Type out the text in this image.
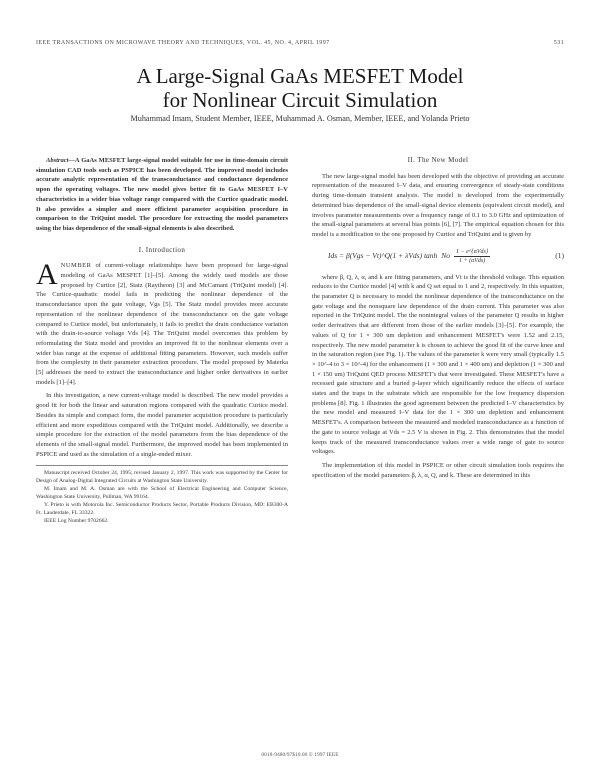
IEEE TRANSACTIONS ON MICROWAVE THEORY AND TECHNIQUES, VOL. 45, NO. 4, APRIL 1997	531
A Large-Signal GaAs MESFET Model
for Nonlinear Circuit Simulation
Muhammad Imam, Student Member, IEEE, Muhammad A. Osman, Member, IEEE, and Yolanda Prieto

Abstract—A GaAs MESFET large-signal model suitable for use in time-domain circuit simulation CAD tools such as PSPICE has been developed. The improved model includes accurate analytic representation of the transconductance and conductance dependence upon the operating voltages. The new model gives better fit to GaAs MESFET I–V characteristics in a wider bias voltage range compared with the Curtice quadratic model. It also provides a simpler and more efficient parameter acquisition procedure in comparison to the TriQuint model. The procedure for extracting the model parameters using the bias dependence of the small-signal elements is also described.

I. Introduction

ANUMBER of current-voltage relationships have been proposed for large-signal modeling of GaAs MESFET [1]–[5]. Among the widely used models are those proposed by Curtice [2], Statz (Raytheon) [3] and McCamant (TriQuint model) [4]. The Curtice-quadratic model fails in predicting the nonlinear dependence of the transconductance upon the gate voltage, Vgs [5]. The Statz model provides more accurate representation of the nonlinear dependence of the transconductance on the gate voltage compared to Curtice model, but unfortunately, it fails to predict the drain conductance variation with the drain-to-source voltage Vds [4]. The TriQuint model overcomes this problem by reformulating the Statz model and provides an improved fit to the nonlinear elements over a wider bias range at the expense of additional fitting parameters. However, such models suffer from the complexity in their parameter extraction procedure. The model proposed by Materka [5] addresses the need to extract the transconductance and higher order derivatives in earlier models [1]–[4].

In this investigation, a new current-voltage model is described. The new model provides a good fit for both the linear and saturation regions compared with the quadratic Curtice model. Besides its simple and compact form, the model parameter acquisition procedure is particularly efficient and more expeditious compared with the TriQuint model. Additionally, we describe a simple procedure for the extraction of the model parameters from the bias dependence of the elements of the small-signal model. Furthermore, the improved model has been implemented in PSPICE and used as the simulation of a single-ended mixer.

Manuscript received October 24, 1995; revised January 2, 1997. This work was supported by the Center for Design of Analog-Digital Integrated Circuits at Washington State University.

M. Imam and M. A. Osman are with the School of Electrical Engineering and Computer Science, Washington State University, Pullman, WA 99164.

Y. Prieto is with Motorola Inc. Semiconductor Products Sector, Portable Products Division, MD: EB300-A Ft. Lauderdale, FL 33322.

IEEE Log Number 9702662.

II. The New Model

The new large-signal model has been developed with the objective of providing an accurate representation of the measured I–V data, and ensuring convergence of steady-state conditions during time-domain transient analysis. The model is developed from the experimentally determined bias dependence of the small-signal device elements (equivalent circuit model), and involves parameter measurements over a frequency range of 0.1 to 3.0 GHz and optimization of the small-signal parameters at several bias points [6], [7]. The empirical equation chosen for this model is a modification to the one proposed by Curtice and TriQuint and is given by

Ids = β(Vgs − Vt)^Q(1 + λVds) tanh No $\frac{\text{1 − e\textasciicircum{}\{αVds\}}}{\text{1 + (αVds)}}$	(1)

where β, Q, λ, α, and k are fitting parameters, and Vt is the threshold voltage. This equation reduces to the Curtice model [4] with k and Q set equal to 1 and 2, respectively. In this equation, the parameter Q is necessary to model the nonlinear dependence of the transconductance on the gate voltage and the nonsquare law dependence of the drain current. This parameter was also reported in the TriQuint model. The the nonintegral values of the parameter Q results in higher order derivatives that are different from those of the earlier models [3]–[5]. For example, the values of Q for 1 × 300 um depletion and enhancement MESFET's were 1.52 and 2.15, respectively. The new model parameter k is chosen to achieve the good fit of the curve knee and in the saturation region (see Fig. 1). The values of the parameter k were very small (typically 1.5 × 10^-4 to 3 × 10^-4) for the enhancement (1 × 300 and 1 × 400 um) and depletion (1 × 300 and 1 × 150 um) TriQuint QED process MESFET's that were investigated. These MESFET's have a recessed gate structure and a buried p-layer which significantly reduce the effects of surface states and the traps in the substrate which are responsible for the low frequency dispersion problems [8]. Fig. 1 illustrates the good agreement between the predicted I–V characteristics by the new model and measured I–V data for the 1 × 300 um depletion and enhancement MESFET's. A comparison between the measured and modeled transconductance as a function of the gate to source voltage at Vds = 2.5 V is shown in Fig. 2. This demonstrates that the model keeps track of the measured transconductance values over a wide range of gate to source voltages.

The implementation of this model in PSPICE or other circuit simulation tools requires the specification of the model parameters β, λ, α, Q, and k. These are determined in this

0018-9480/97$10.00 © 1997 IEEE
